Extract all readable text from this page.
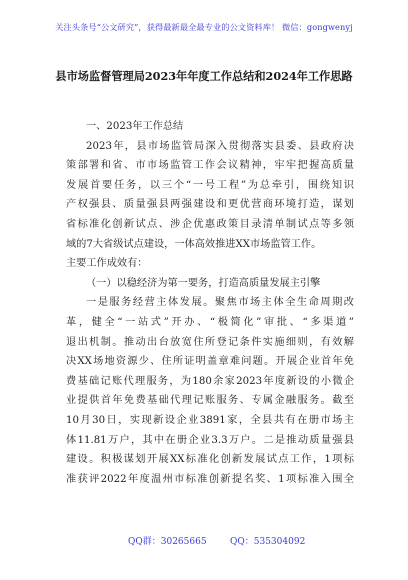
关注头条号“公文研究”，获得最新最全最专业的公文资料库！ 微信：gongwenyj
县市场监督管理局2023年年度工作总结和2024年工作思路
一、2023年工作总结
2023年，县市场监管局深入贯彻落实县委、县政府决
策部署和省、市市场监管工作会议精神，牢牢把握高质量
发展首要任务，以三个“一号工程”为总牵引，围绕知识
产权强县、质量强县两强建设和更优营商环境打造，谋划
省标准化创新试点、涉企优惠政策目录清单制试点等多领
域的7大省级试点建设，一体高效推进XX市场监管工作。
主要工作成效有：
（一）以稳经济为第一要务，打造高质量发展主引擎
一是服务经营主体发展。聚焦市场主体全生命周期改
革，健全“一站式”开办、“极简化”审批、“多渠道”
退出机制。推动出台放宽住所登记条件实施细则，有效解
决XX场地资源少、住所证明盖章难问题。开展企业首年免
费基础记账代理服务，为180余家2023年度新设的小微企
业提供首年免费基础代理记账服务、专属金融服务。截至
10月30日，实现新设企业3891家，全县共有在册市场主
体11.81万户，其中在册企业3.3万户。二是推动质量强县
建设。积极谋划开展XX标准化创新发展试点工作，1项标
准获评2022年度温州市标准创新提名奖、1项标准入围全
QQ群：30265665	QQ：535304092
